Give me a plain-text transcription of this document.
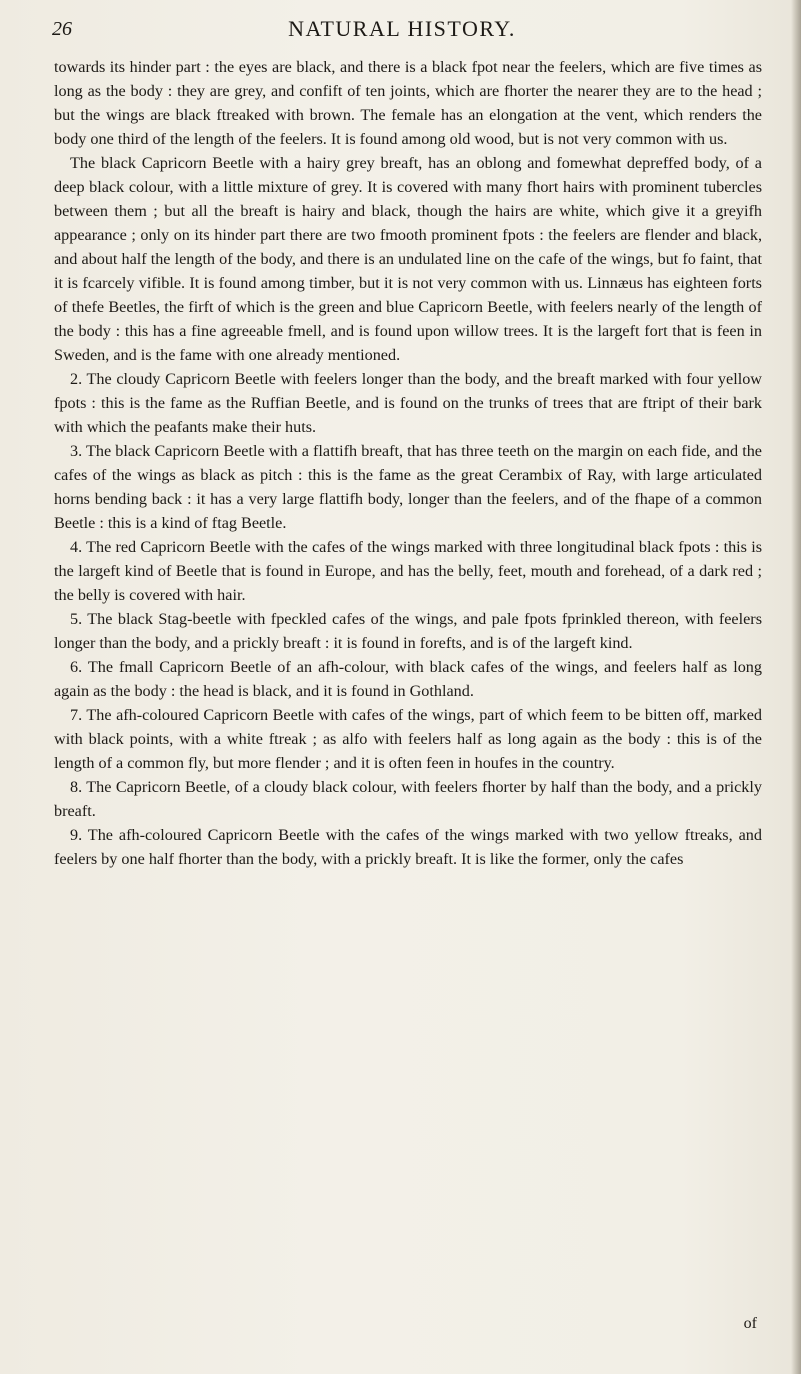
26	NATURAL HISTORY.

towards its hinder part : the eyes are black, and there is a black fpot near the feelers, which are five times as long as the body : they are grey, and confift of ten joints, which are fhorter the nearer they are to the head ; but the wings are black ftreaked with brown. The female has an elongation at the vent, which renders the body one third of the length of the feelers. It is found among old wood, but is not very common with us.

The black Capricorn Beetle with a hairy grey breaft, has an oblong and fomewhat depreffed body, of a deep black colour, with a little mixture of grey. It is covered with many fhort hairs with prominent tubercles between them ; but all the breaft is hairy and black, though the hairs are white, which give it a greyifh appearance ; only on its hinder part there are two fmooth prominent fpots : the feelers are flender and black, and about half the length of the body, and there is an undulated line on the cafe of the wings, but fo faint, that it is fcarcely vifible. It is found among timber, but it is not very common with us. Linnæus has eighteen forts of thefe Beetles, the firft of which is the green and blue Capricorn Beetle, with feelers nearly of the length of the body : this has a fine agreeable fmell, and is found upon willow trees. It is the largeft fort that is feen in Sweden, and is the fame with one already mentioned.

2. The cloudy Capricorn Beetle with feelers longer than the body, and the breaft marked with four yellow fpots : this is the fame as the Ruffian Beetle, and is found on the trunks of trees that are ftript of their bark with which the peafants make their huts.

3. The black Capricorn Beetle with a flattifh breaft, that has three teeth on the margin on each fide, and the cafes of the wings as black as pitch : this is the fame as the great Cerambix of Ray, with large articulated horns bending back : it has a very large flattifh body, longer than the feelers, and of the fhape of a common Beetle : this is a kind of ftag Beetle.

4. The red Capricorn Beetle with the cafes of the wings marked with three longitudinal black fpots : this is the largeft kind of Beetle that is found in Europe, and has the belly, feet, mouth and forehead, of a dark red ; the belly is covered with hair.

5. The black Stag-beetle with fpeckled cafes of the wings, and pale fpots fprinkled thereon, with feelers longer than the body, and a prickly breaft : it is found in forefts, and is of the largeft kind.

6. The fmall Capricorn Beetle of an afh-colour, with black cafes of the wings, and feelers half as long again as the body : the head is black, and it is found in Gothland.

7. The afh-coloured Capricorn Beetle with cafes of the wings, part of which feem to be bitten off, marked with black points, with a white ftreak ; as alfo with feelers half as long again as the body : this is of the length of a common fly, but more flender ; and it is often feen in houfes in the country.

8. The Capricorn Beetle, of a cloudy black colour, with feelers fhorter by half than the body, and a prickly breaft.

9. The afh-coloured Capricorn Beetle with the cafes of the wings marked with two yellow ftreaks, and feelers by one half fhorter than the body, with a prickly breaft. It is like the former, only the cafes

of
